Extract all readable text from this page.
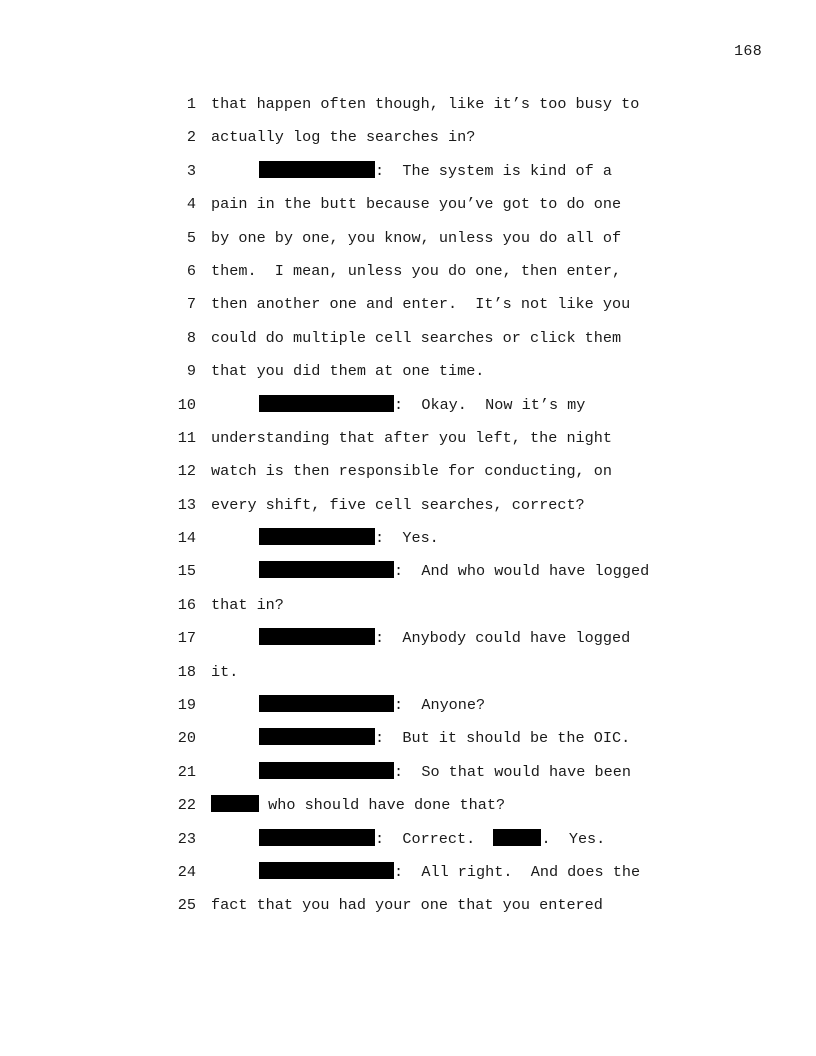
168
1 that happen often though, like it’s too busy to
2 actually log the searches in?
3	:  The system is kind of a
4 pain in the butt because you’ve got to do one
5 by one by one, you know, unless you do all of
6 them.  I mean, unless you do one, then enter,
7 then another one and enter.  It’s not like you
8 could do multiple cell searches or click them
9 that you did them at one time.
10	:  Okay.  Now it’s my
11 understanding that after you left, the night
12 watch is then responsible for conducting, on
13 every shift, five cell searches, correct?
14	:  Yes.
15	:  And who would have logged
16 that in?
17	:  Anybody could have logged
18 it.
19	:  Anyone?
20	:  But it should be the OIC.
21	:  So that would have been
22	who should have done that?
23	:  Correct.	.  Yes.
24	:  All right.  And does the
25 fact that you had your one that you entered
